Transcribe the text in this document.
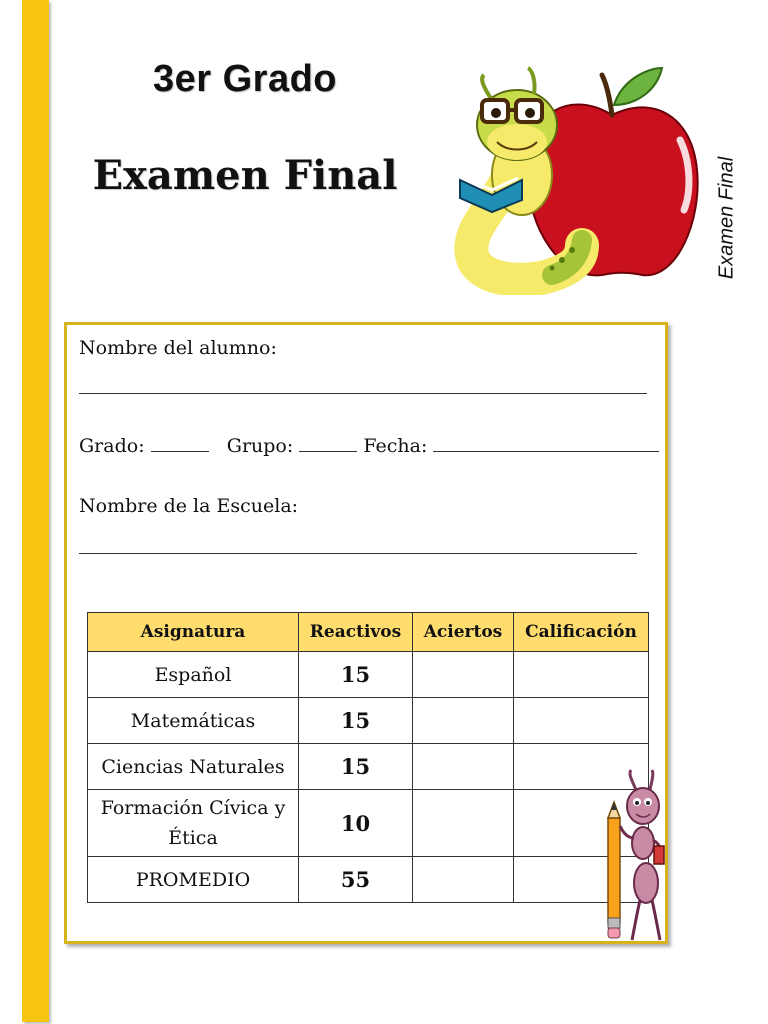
3er Grado
Examen Final	Examen Final
Nombre del alumno:
Grado:	Grupo:	Fecha:
Nombre de la Escuela:
Asignatura	Reactivos	Aciertos	Calificación
Español	15		
Matemáticas	15		
Ciencias Naturales	15		
Formación Cívica y Ética	10		
PROMEDIO	55		
